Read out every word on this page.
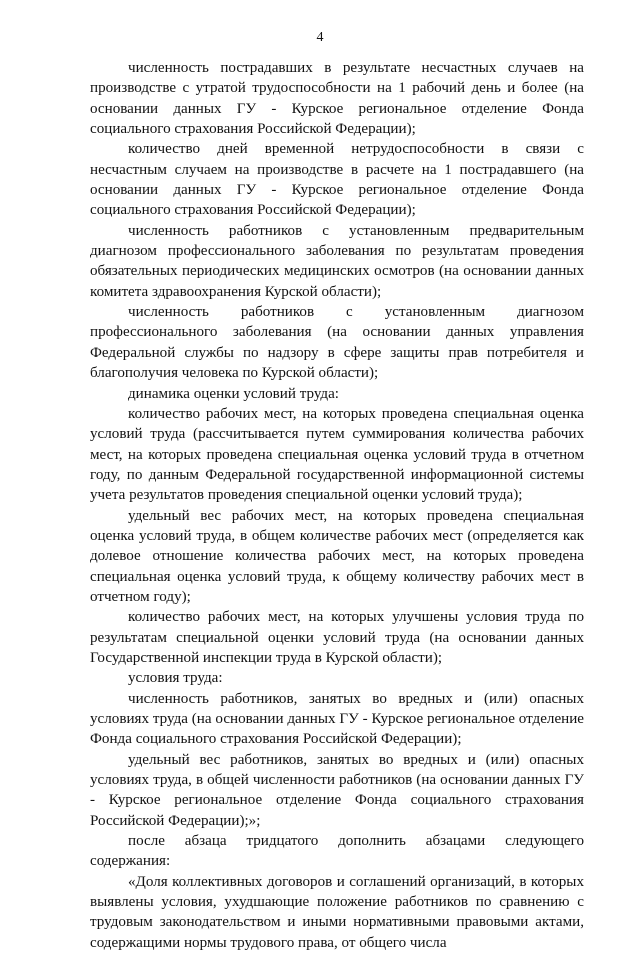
4

численность пострадавших в результате несчастных случаев на производстве с утратой трудоспособности на 1 рабочий день и более (на основании данных ГУ - Курское региональное отделение Фонда социального страхования Российской Федерации);

количество дней временной нетрудоспособности в связи с несчастным случаем на производстве в расчете на 1 пострадавшего (на основании данных ГУ - Курское региональное отделение Фонда социального страхования Российской Федерации);

численность работников с установленным предварительным диагнозом профессионального заболевания по результатам проведения обязательных периодических медицинских осмотров (на основании данных комитета здравоохранения Курской области);

численность работников с установленным диагнозом профессионального заболевания (на основании данных управления Федеральной службы по надзору в сфере защиты прав потребителя и благополучия человека по Курской области);

динамика оценки условий труда:

количество рабочих мест, на которых проведена специальная оценка условий труда (рассчитывается путем суммирования количества рабочих мест, на которых проведена специальная оценка условий труда в отчетном году, по данным Федеральной государственной информационной системы учета результатов проведения специальной оценки условий труда);

удельный вес рабочих мест, на которых проведена специальная оценка условий труда, в общем количестве рабочих мест (определяется как долевое отношение количества рабочих мест, на которых проведена специальная оценка условий труда, к общему количеству рабочих мест в отчетном году);

количество рабочих мест, на которых улучшены условия труда по результатам специальной оценки условий труда (на основании данных Государственной инспекции труда в Курской области);

условия труда:

численность работников, занятых во вредных и (или) опасных условиях труда (на основании данных ГУ - Курское региональное отделение Фонда социального страхования Российской Федерации);

удельный вес работников, занятых во вредных и (или) опасных условиях труда, в общей численности работников (на основании данных ГУ - Курское региональное отделение Фонда социального страхования Российской Федерации);»;

после абзаца тридцатого дополнить абзацами следующего содержания:

«Доля коллективных договоров и соглашений организаций, в которых выявлены условия, ухудшающие положение работников по сравнению с трудовым законодательством и иными нормативными правовыми актами, содержащими нормы трудового права, от общего числа
